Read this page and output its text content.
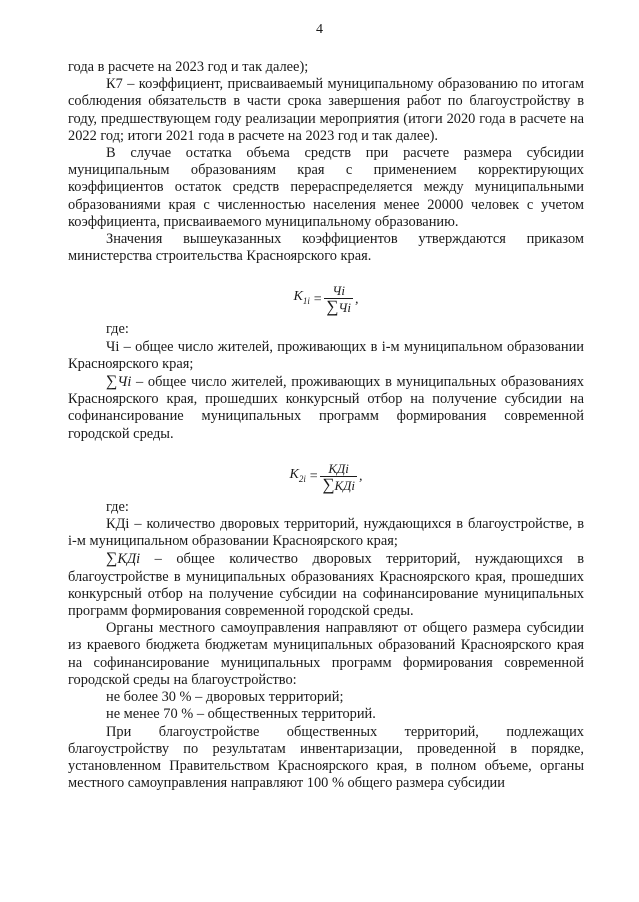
4

года в расчете на 2023 год и так далее);

К7 – коэффициент, присваиваемый муниципальному образованию по итогам соблюдения обязательств в части срока завершения работ по благоустройству в году, предшествующем году реализации мероприятия (итоги 2020 года в расчете на 2022 год; итоги 2021 года в расчете на 2023 год и так далее).

В случае остатка объема средств при расчете размера субсидии муниципальным образованиям края с применением корректирующих коэффициентов остаток средств перераспределяется между муниципальными образованиями края с численностью населения менее 20000 человек с учетом коэффициента, присваиваемого муниципальному образованию.

Значения вышеуказанных коэффициентов утверждаются приказом министерства строительства Красноярского края.

$K_{1i} = \frac{Чi}{\sum Чi}$ ,

где:

Чi – общее число жителей, проживающих в i-м муниципальном образовании Красноярского края;

∑Чi – общее число жителей, проживающих в муниципальных образованиях Красноярского края, прошедших конкурсный отбор на получение субсидии на софинансирование муниципальных программ формирования современной городской среды.

$K_{2i} = \frac{\text{КДi}}{\text{∑КДi}}$ ,

где:

КДi – количество дворовых территорий, нуждающихся в благоустройстве, в i-м муниципальном образовании Красноярского края;

∑КДi – общее количество дворовых территорий, нуждающихся в благоустройстве в муниципальных образованиях Красноярского края, прошедших конкурсный отбор на получение субсидии на софинансирование муниципальных программ формирования современной городской среды.

Органы местного самоуправления направляют от общего размера субсидии из краевого бюджета бюджетам муниципальных образований Красноярского края на софинансирование муниципальных программ формирования современной городской среды на благоустройство:

не более 30 % – дворовых территорий;

не менее 70 % – общественных территорий.

При благоустройстве общественных территорий, подлежащих благоустройству по результатам инвентаризации, проведенной в порядке, установленном Правительством Красноярского края, в полном объеме, органы местного самоуправления направляют 100 % общего размера субсидии
